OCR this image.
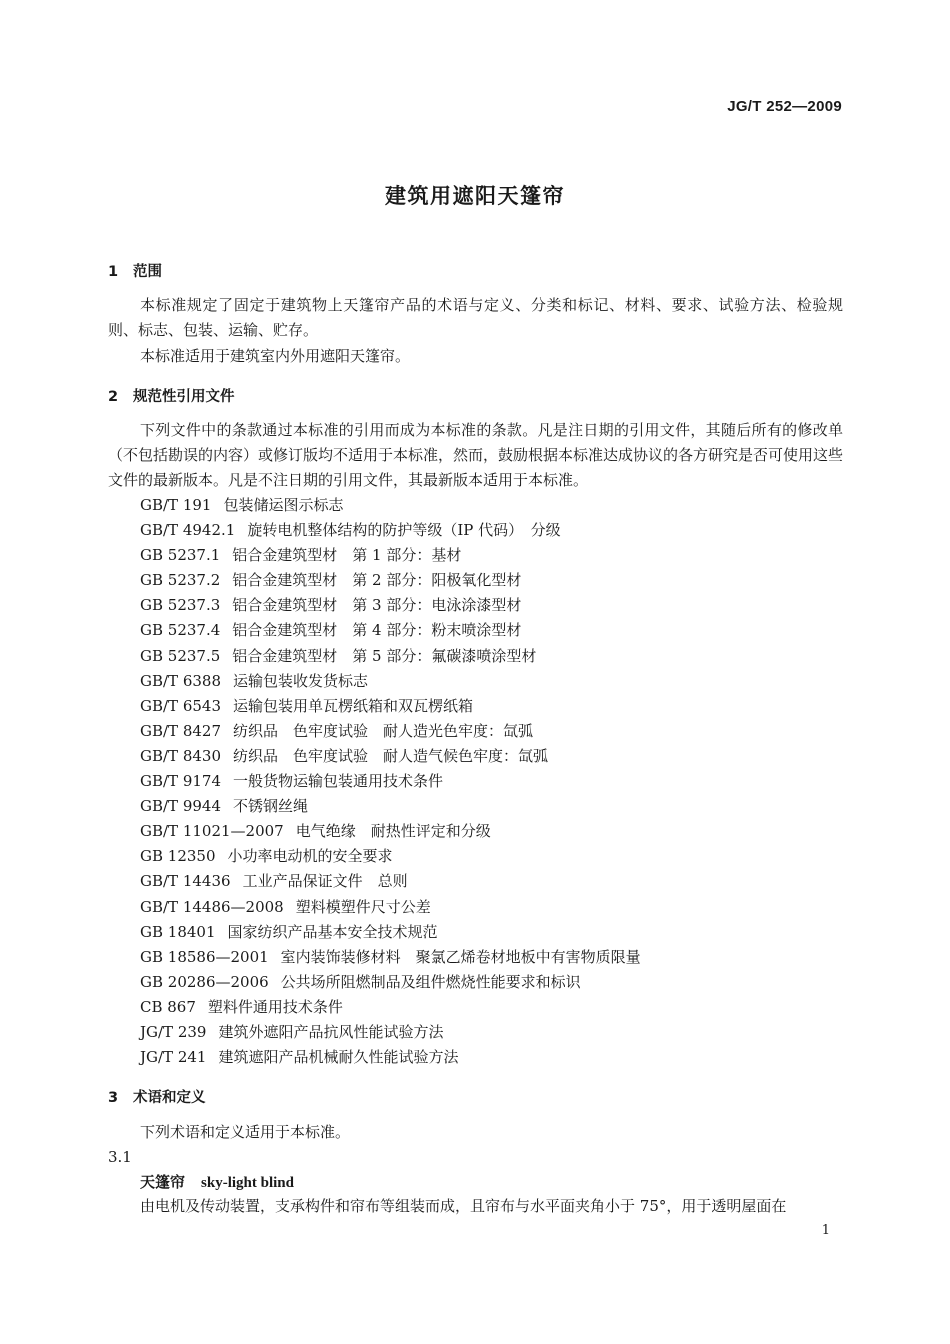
JG/T 252—2009
建筑用遮阳天篷帘
1 范围
本标准规定了固定于建筑物上天篷帘产品的术语与定义、分类和标记、材料、要求、试验方法、检验规则、标志、包装、运输、贮存。
本标准适用于建筑室内外用遮阳天篷帘。
2 规范性引用文件
下列文件中的条款通过本标准的引用而成为本标准的条款。凡是注日期的引用文件，其随后所有的修改单（不包括勘误的内容）或修订版均不适用于本标准，然而，鼓励根据本标准达成协议的各方研究是否可使用这些文件的最新版本。凡是不注日期的引用文件，其最新版本适用于本标准。
GB/T 191 包装储运图示标志
GB/T 4942.1 旋转电机整体结构的防护等级（IP 代码）　分级
GB 5237.1 铝合金建筑型材　第 1 部分：基材
GB 5237.2 铝合金建筑型材　第 2 部分：阳极氧化型材
GB 5237.3 铝合金建筑型材　第 3 部分：电泳涂漆型材
GB 5237.4 铝合金建筑型材　第 4 部分：粉末喷涂型材
GB 5237.5 铝合金建筑型材　第 5 部分：氟碳漆喷涂型材
GB/T 6388 运输包装收发货标志
GB/T 6543 运输包装用单瓦楞纸箱和双瓦楞纸箱
GB/T 8427 纺织品　色牢度试验　耐人造光色牢度：氙弧
GB/T 8430 纺织品　色牢度试验　耐人造气候色牢度：氙弧
GB/T 9174 一般货物运输包装通用技术条件
GB/T 9944 不锈钢丝绳
GB/T 11021—2007 电气绝缘　耐热性评定和分级
GB 12350 小功率电动机的安全要求
GB/T 14436 工业产品保证文件　总则
GB/T 14486—2008 塑料模塑件尺寸公差
GB 18401 国家纺织产品基本安全技术规范
GB 18586—2001 室内装饰装修材料　聚氯乙烯卷材地板中有害物质限量
GB 20286—2006 公共场所阻燃制品及组件燃烧性能要求和标识
CB 867 塑料件通用技术条件
JG/T 239 建筑外遮阳产品抗风性能试验方法
JG/T 241 建筑遮阳产品机械耐久性能试验方法
3 术语和定义
下列术语和定义适用于本标准。
3.1
天篷帘 sky-light blind
由电机及传动装置，支承构件和帘布等组装而成，且帘布与水平面夹角小于 75°，用于透明屋面在
1
